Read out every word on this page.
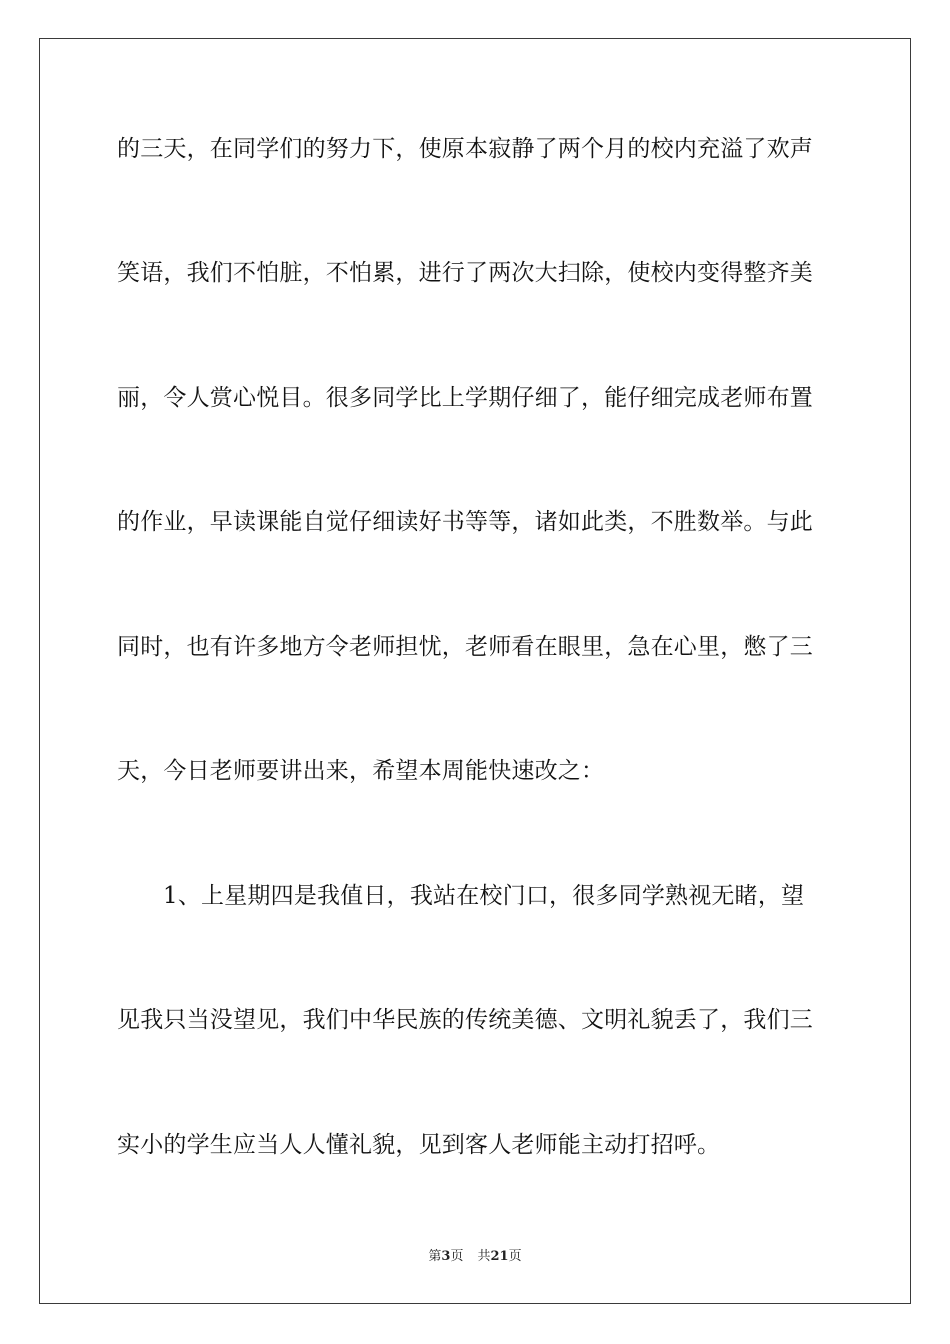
的三天，在同学们的努力下，使原本寂静了两个月的校内充溢了欢声
笑语，我们不怕脏，不怕累，进行了两次大扫除，使校内变得整齐美
丽，令人赏心悦目。很多同学比上学期仔细了，能仔细完成老师布置
的作业，早读课能自觉仔细读好书等等，诸如此类，不胜数举。与此
同时，也有许多地方令老师担忧，老师看在眼里，急在心里，憋了三
天，今日老师要讲出来，希望本周能快速改之：
1、上星期四是我值日，我站在校门口，很多同学熟视无睹，望
见我只当没望见，我们中华民族的传统美德、文明礼貌丢了，我们三
实小的学生应当人人懂礼貌，见到客人老师能主动打招呼。
第3页 共21页
